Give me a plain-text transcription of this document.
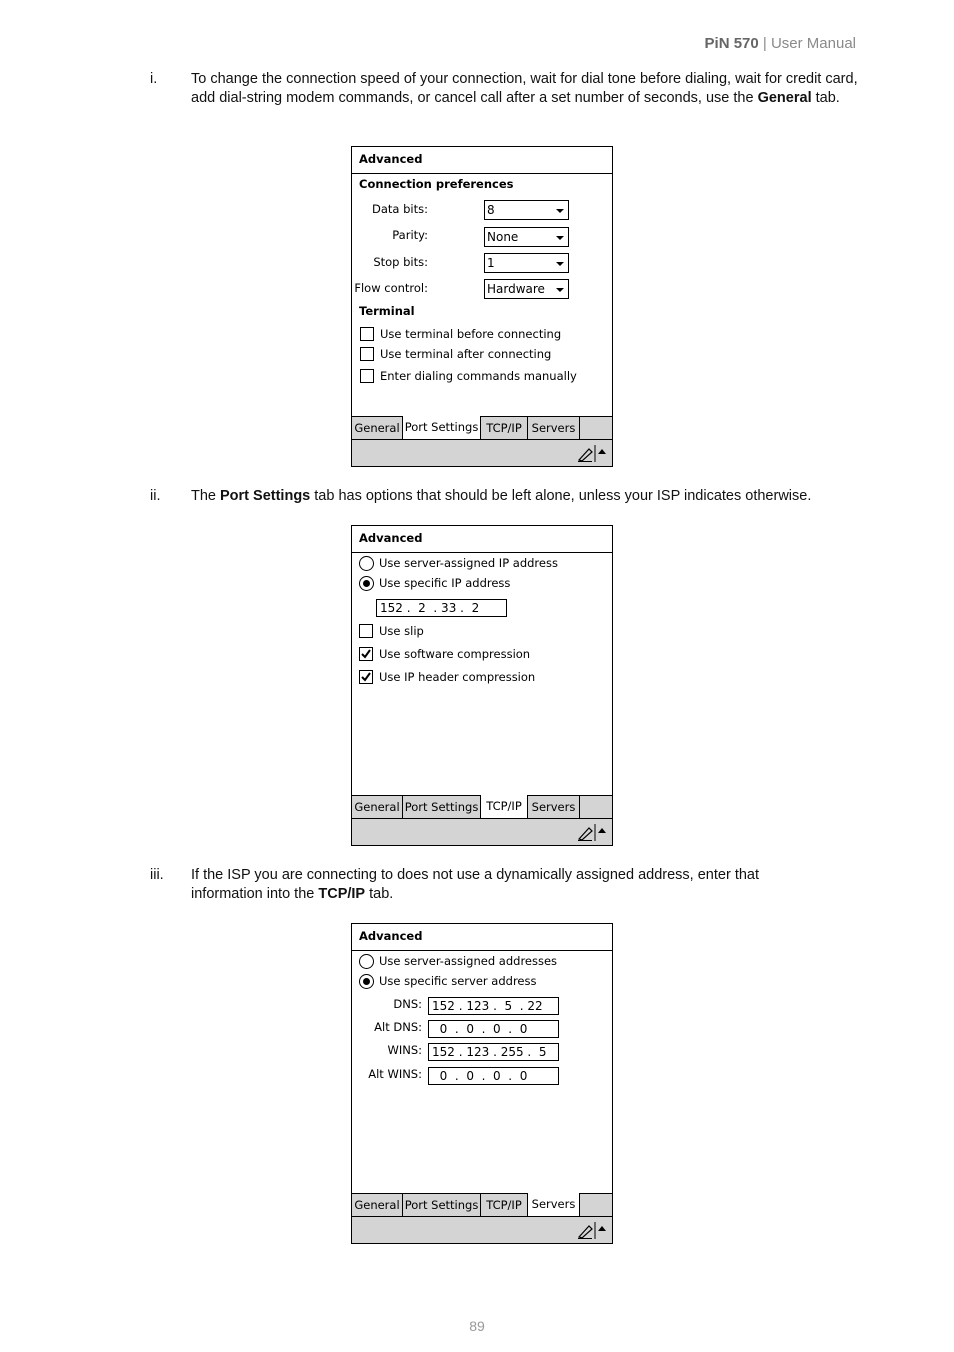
PiN 570 | User Manual
i. To change the connection speed of your connection, wait for dial tone before dialing, wait for credit card, add dial-string modem commands, or cancel call after a set number of seconds, use the General tab.
Advanced
Connection preferences
Data bits:	8
Parity:	None
Stop bits:	1
Flow control:	Hardware
Terminal
Use terminal before connecting
Use terminal after connecting
Enter dialing commands manually
General Port Settings TCP/IP Servers
ii. The Port Settings tab has options that should be left alone, unless your ISP indicates otherwise.
Advanced
Use server-assigned IP address
Use specific IP address
152 .  2  . 33 .  2
Use slip
Use software compression
Use IP header compression
General Port Settings TCP/IP Servers
iii. If the ISP you are connecting to does not use a dynamically assigned address, enter that information into the TCP/IP tab.
Advanced
Use server-assigned addresses
Use specific server address
DNS: 152 . 123 .  5  . 22
Alt DNS: 0  .  0  .  0  .  0
WINS: 152 . 123 . 255 .  5
Alt WINS: 0  .  0  .  0  .  0
General Port Settings TCP/IP Servers
89
